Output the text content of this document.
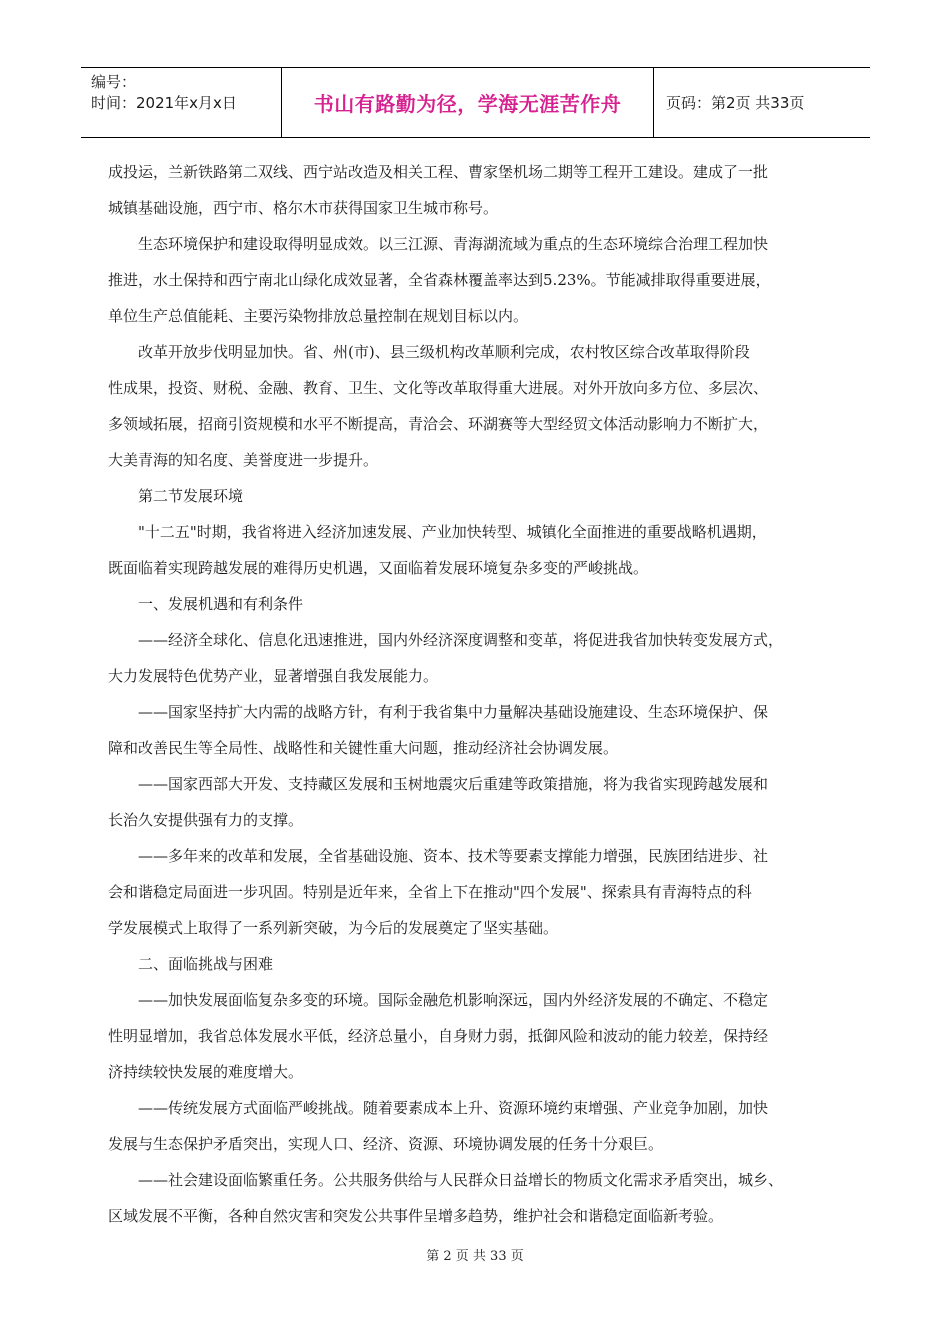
编号：
时间：2021年x月x日	书山有路勤为径，学海无涯苦作舟	页码：第2页 共33页

成投运，兰新铁路第二双线、西宁站改造及相关工程、曹家堡机场二期等工程开工建设。建成了一批

城镇基础设施，西宁市、格尔木市获得国家卫生城市称号。

生态环境保护和建设取得明显成效。以三江源、青海湖流域为重点的生态环境综合治理工程加快

推进，水土保持和西宁南北山绿化成效显著，全省森林覆盖率达到5.23%。节能减排取得重要进展，

单位生产总值能耗、主要污染物排放总量控制在规划目标以内。

改革开放步伐明显加快。省、州(市)、县三级机构改革顺利完成，农村牧区综合改革取得阶段

性成果，投资、财税、金融、教育、卫生、文化等改革取得重大进展。对外开放向多方位、多层次、

多领域拓展，招商引资规模和水平不断提高，青洽会、环湖赛等大型经贸文体活动影响力不断扩大，

大美青海的知名度、美誉度进一步提升。

第二节发展环境

"十二五"时期，我省将进入经济加速发展、产业加快转型、城镇化全面推进的重要战略机遇期，

既面临着实现跨越发展的难得历史机遇，又面临着发展环境复杂多变的严峻挑战。

一、发展机遇和有利条件

——经济全球化、信息化迅速推进，国内外经济深度调整和变革，将促进我省加快转变发展方式，

大力发展特色优势产业，显著增强自我发展能力。

——国家坚持扩大内需的战略方针，有利于我省集中力量解决基础设施建设、生态环境保护、保

障和改善民生等全局性、战略性和关键性重大问题，推动经济社会协调发展。

——国家西部大开发、支持藏区发展和玉树地震灾后重建等政策措施，将为我省实现跨越发展和

长治久安提供强有力的支撑。

——多年来的改革和发展，全省基础设施、资本、技术等要素支撑能力增强，民族团结进步、社

会和谐稳定局面进一步巩固。特别是近年来，全省上下在推动"四个发展"、探索具有青海特点的科

学发展模式上取得了一系列新突破，为今后的发展奠定了坚实基础。

二、面临挑战与困难

——加快发展面临复杂多变的环境。国际金融危机影响深远，国内外经济发展的不确定、不稳定

性明显增加，我省总体发展水平低，经济总量小，自身财力弱，抵御风险和波动的能力较差，保持经

济持续较快发展的难度增大。

——传统发展方式面临严峻挑战。随着要素成本上升、资源环境约束增强、产业竞争加剧，加快

发展与生态保护矛盾突出，实现人口、经济、资源、环境协调发展的任务十分艰巨。

——社会建设面临繁重任务。公共服务供给与人民群众日益增长的物质文化需求矛盾突出，城乡、

区域发展不平衡，各种自然灾害和突发公共事件呈增多趋势，维护社会和谐稳定面临新考验。

第 2 页 共 33 页
